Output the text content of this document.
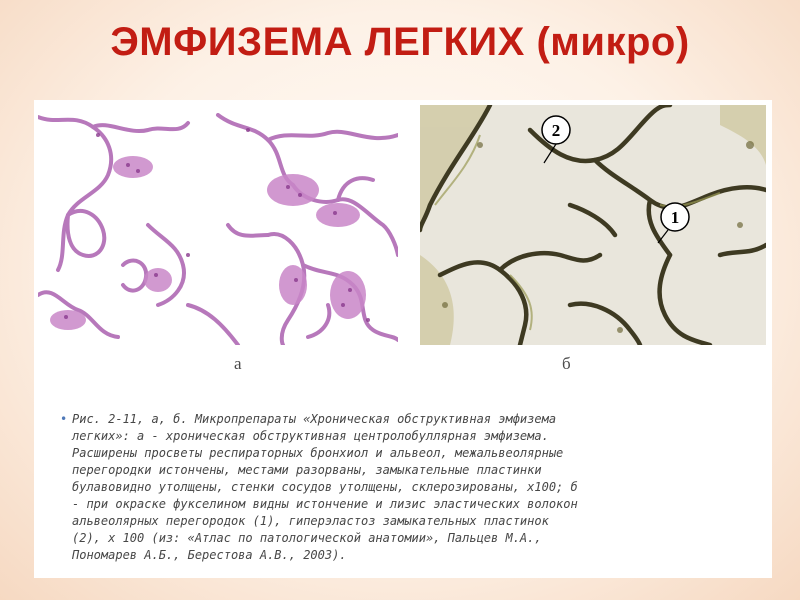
ЭМФИЗЕМА ЛЕГКИХ (микро)
2
1
а	б
• Рис. 2-11, а, б. Микропрепараты «Хроническая обструктивная эмфизема
легких»: а - хроническая обструктивная центролобуллярная эмфизема.
Расширены просветы респираторных бронхиол и альвеол, межальвеолярные
перегородки истончены, местами разорваны, замыкательные пластинки
булавовидно утолщены, стенки сосудов утолщены, склерозированы, х100; б
- при окраске фукселином видны истончение и лизис эластических волокон
альвеолярных перегородок (1), гиперэластоз замыкательных пластинок
(2), х 100 (из: «Атлас по патологической анатомии», Пальцев М.А.,
Пономарев А.Б., Берестова А.В., 2003).
